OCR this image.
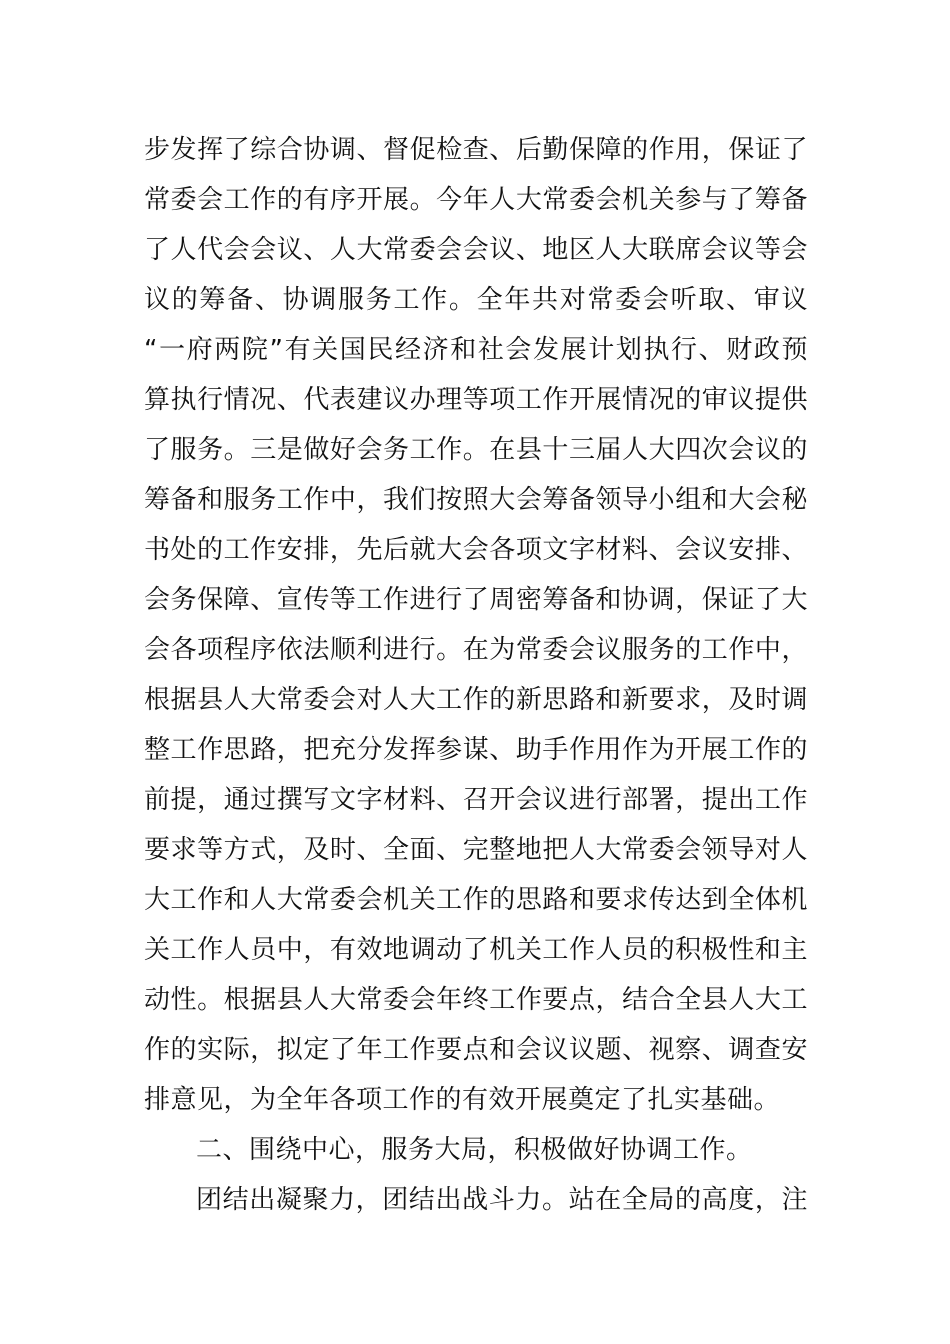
步发挥了综合协调、督促检查、后勤保障的作用，保证了
常委会工作的有序开展。今年人大常委会机关参与了筹备
了人代会会议、人大常委会会议、地区人大联席会议等会
议的筹备、协调服务工作。全年共对常委会听取、审议
“一府两院”有关国民经济和社会发展计划执行、财政预
算执行情况、代表建议办理等项工作开展情况的审议提供
了服务。三是做好会务工作。在县十三届人大四次会议的
筹备和服务工作中，我们按照大会筹备领导小组和大会秘
书处的工作安排，先后就大会各项文字材料、会议安排、
会务保障、宣传等工作进行了周密筹备和协调，保证了大
会各项程序依法顺利进行。在为常委会议服务的工作中，
根据县人大常委会对人大工作的新思路和新要求，及时调
整工作思路，把充分发挥参谋、助手作用作为开展工作的
前提，通过撰写文字材料、召开会议进行部署，提出工作
要求等方式，及时、全面、完整地把人大常委会领导对人
大工作和人大常委会机关工作的思路和要求传达到全体机
关工作人员中，有效地调动了机关工作人员的积极性和主
动性。根据县人大常委会年终工作要点，结合全县人大工
作的实际，拟定了年工作要点和会议议题、视察、调查安
排意见，为全年各项工作的有效开展奠定了扎实基础。
二、围绕中心，服务大局，积极做好协调工作。
团结出凝聚力，团结出战斗力。站在全局的高度，注
